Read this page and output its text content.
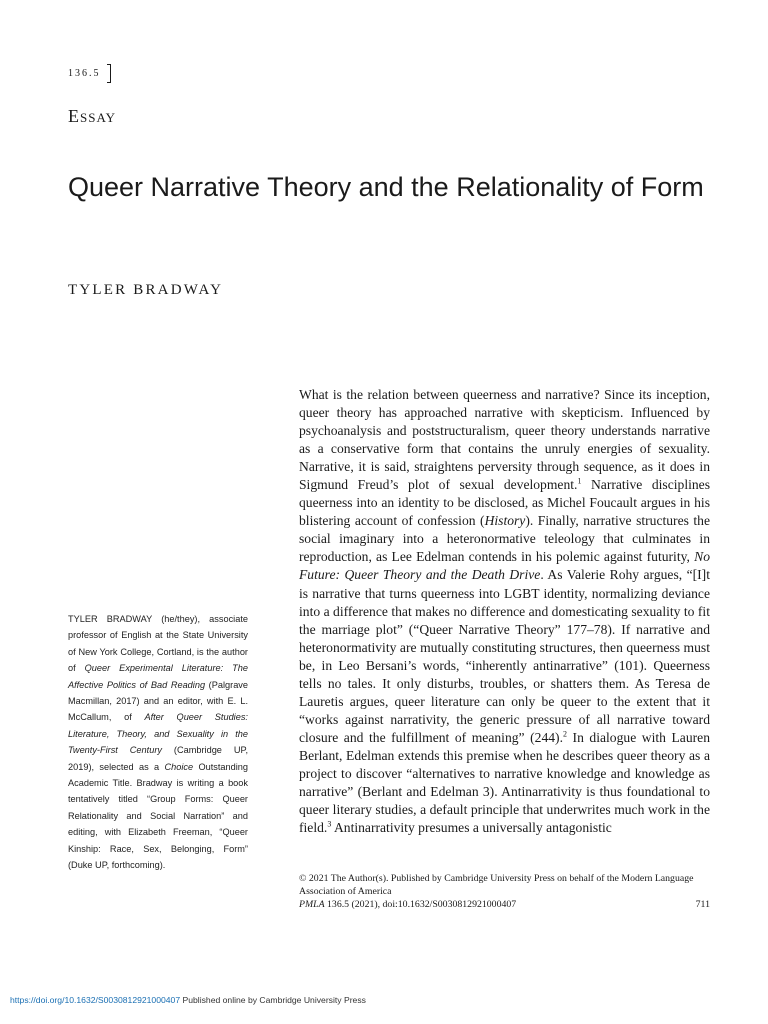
136.5
Essay
Queer Narrative Theory and the Relationality of Form
TYLER BRADWAY
TYLER BRADWAY (he/they), associate professor of English at the State University of New York College, Cortland, is the author of Queer Experimental Literature: The Affective Politics of Bad Reading (Palgrave Macmillan, 2017) and an editor, with E. L. McCallum, of After Queer Studies: Literature, Theory, and Sexuality in the Twenty-First Century (Cambridge UP, 2019), selected as a Choice Outstanding Academic Title. Bradway is writing a book tentatively titled “Group Forms: Queer Relationality and Social Narration” and editing, with Elizabeth Freeman, “Queer Kinship: Race, Sex, Belonging, Form” (Duke UP, forthcoming).
What is the relation between queerness and narrative? Since its inception, queer theory has approached narrative with skepticism. Influenced by psychoanalysis and poststructuralism, queer theory understands narrative as a conservative form that contains the unruly energies of sexuality. Narrative, it is said, straightens perversity through sequence, as it does in Sigmund Freud’s plot of sexual development.$^1$ Narrative disciplines queerness into an identity to be disclosed, as Michel Foucault argues in his blistering account of confession (History). Finally, narrative structures the social imaginary into a heteronormative teleology that culminates in reproduction, as Lee Edelman contends in his polemic against futurity, No Future: Queer Theory and the Death Drive. As Valerie Rohy argues, “[I]t is narrative that turns queerness into LGBT identity, normalizing deviance into a difference that makes no difference and domesticating sexuality to fit the marriage plot” (“Queer Narrative Theory” 177–78). If narrative and heteronormativity are mutually constituting structures, then queerness must be, in Leo Bersani’s words, “inherently antinarrative” (101). Queerness tells no tales. It only disturbs, troubles, or shatters them. As Teresa de Lauretis argues, queer literature can only be queer to the extent that it “works against narrativity, the generic pressure of all narrative toward closure and the fulfillment of meaning” (244).$^2$ In dialogue with Lauren Berlant, Edelman extends this premise when he describes queer theory as a project to discover “alternatives to narrative knowledge and knowledge as narrative” (Berlant and Edelman 3). Antinarrativity is thus foundational to queer literary studies, a default principle that underwrites much work in the field.$^3$ Antinarrativity presumes a universally antagonistic
© 2021 The Author(s). Published by Cambridge University Press on behalf of the Modern Language Association of America
PMLA 136.5 (2021), doi:10.1632/S0030812921000407	711
https://doi.org/10.1632/S0030812921000407 Published online by Cambridge University Press
